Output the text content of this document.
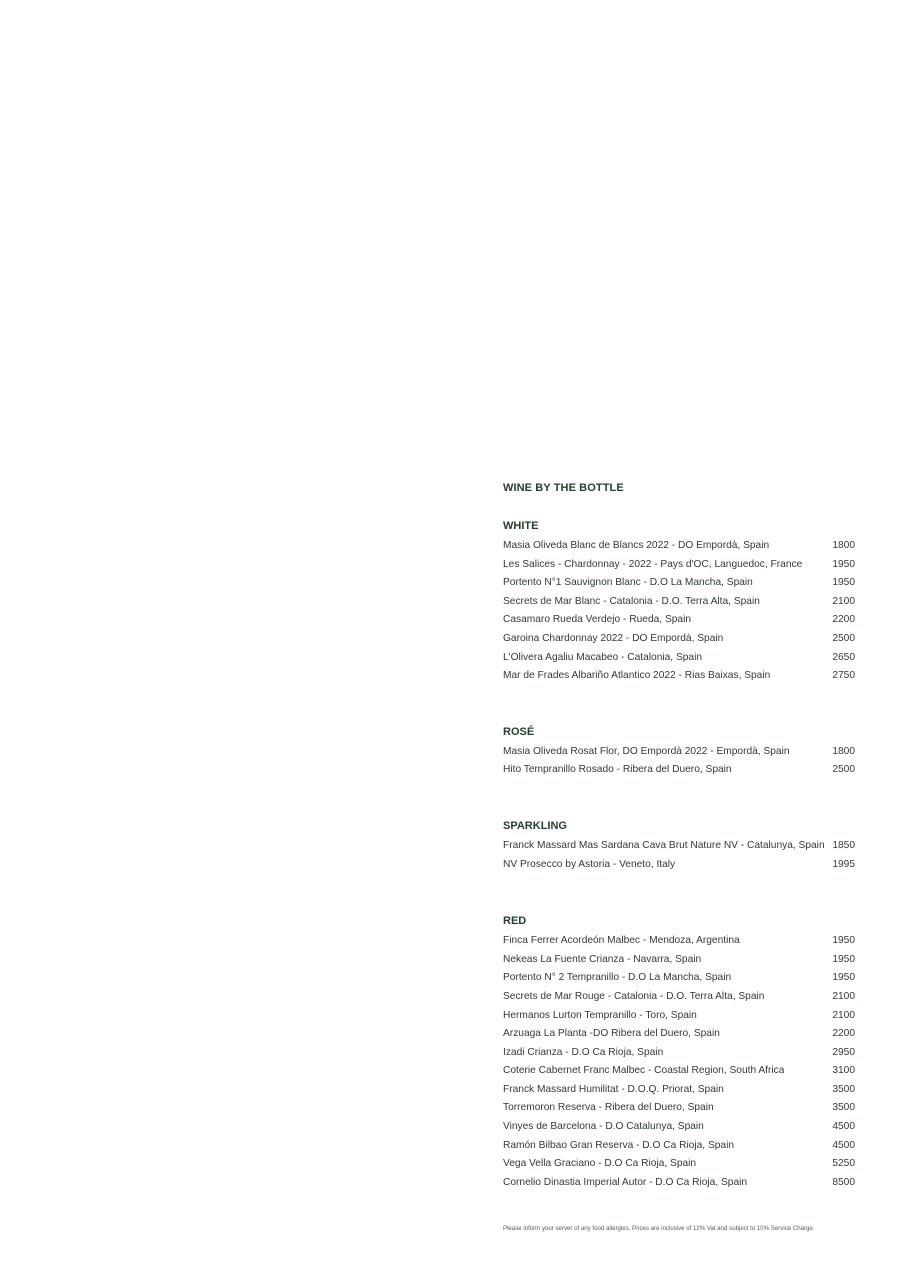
WINE BY THE BOTTLE
WHITE
Masia Oliveda Blanc de Blancs 2022 - DO Empordà, Spain	1800
Les Salices - Chardonnay - 2022 - Pays d'OC, Languedoc, France	1950
Portento N°1 Sauvignon Blanc - D.O La Mancha, Spain	1950
Secrets de Mar Blanc - Catalonia - D.O. Terra Alta, Spain	2100
Casamaro Rueda Verdejo - Rueda, Spain	2200
Garoina Chardonnay 2022 - DO Empordà, Spain	2500
L'Olivera Agaliu Macabeo - Catalonia, Spain	2650
Mar de Frades Albariño Atlantico 2022 - Rias Baixas, Spain	2750
ROSÉ
Masia Oliveda Rosat Flor, DO Empordà 2022 - Empordà, Spain	1800
Hito Tempranillo Rosado - Ribera del Duero, Spain	2500
SPARKLING
Franck Massard Mas Sardana Cava Brut Nature NV - Catalunya, Spain 1850
NV Prosecco by Astoria - Veneto, Italy	1995
RED
Finca Ferrer Acordeón Malbec - Mendoza, Argentina	1950
Nekeas La Fuente Crianza - Navarra, Spain	1950
Portento N° 2 Tempranillo - D.O La Mancha, Spain	1950
Secrets de Mar Rouge - Catalonia - D.O. Terra Alta, Spain	2100
Hermanos Lurton Tempranillo - Toro, Spain	2100
Arzuaga La Planta -DO Ribera del Duero, Spain	2200
Izadi Crianza - D.O Ca Rioja, Spain	2950
Coterie Cabernet Franc Malbec - Coastal Region, South Africa	3100
Franck Massard Humilitat - D.O.Q. Priorat, Spain	3500
Torremoron Reserva - Ribera del Duero, Spain	3500
Vinyes de Barcelona - D.O Catalunya, Spain	4500
Ramón Bilbao Gran Reserva - D.O Ca Rioja, Spain	4500
Vega Vella Graciano - D.O Ca Rioja, Spain	5250
Cornelio Dinastia Imperial Autor - D.O Ca Rioja, Spain	8500
Please inform your server of any food allergies. Prices are inclusive of 12% Vat and subject to 10% Service Charge.
